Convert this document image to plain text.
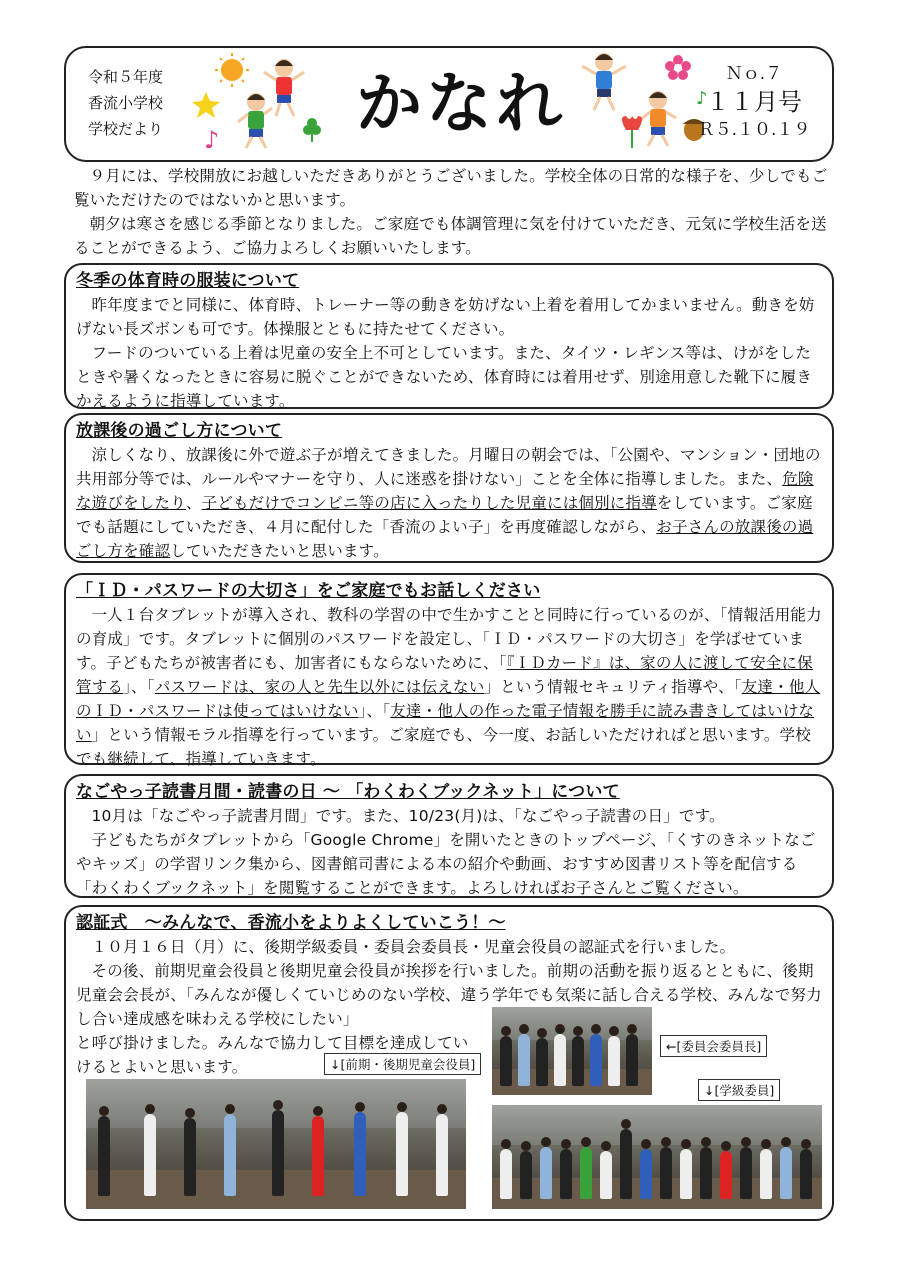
令和５年度
香流小学校
学校だより ♪ かなれ	♪
Ｎｏ.７
１１月号
Ｒ５.１０.１９

９月には、学校開放にお越しいただきありがとうございました。学校全体の日常的な様子を、少しでもご覧いただけたのではないかと思います。

朝夕は寒さを感じる季節となりました。ご家庭でも体調管理に気を付けていただき、元気に学校生活を送ることができるよう、ご協力よろしくお願いいたします。

冬季の体育時の服装について

昨年度までと同様に、体育時、トレーナー等の動きを妨げない上着を着用してかまいません。動きを妨げない長ズボンも可です。体操服とともに持たせてください。

フードのついている上着は児童の安全上不可としています。また、タイツ・レギンス等は、けがをしたときや暑くなったときに容易に脱ぐことができないため、体育時には着用せず、別途用意した靴下に履きかえるように指導しています。

放課後の過ごし方について

涼しくなり、放課後に外で遊ぶ子が増えてきました。月曜日の朝会では、「公園や、マンション・団地の共用部分等では、ルールやマナーを守り、人に迷惑を掛けない」ことを全体に指導しました。また、危険な遊びをしたり、子どもだけでコンビニ等の店に入ったりした児童には個別に指導をしています。ご家庭でも話題にしていただき、４月に配付した「香流のよい子」を再度確認しながら、お子さんの放課後の過ごし方を確認していただきたいと思います。

「ＩＤ・パスワードの大切さ」をご家庭でもお話しください

一人１台タブレットが導入され、教科の学習の中で生かすことと同時に行っているのが、「情報活用能力の育成」です。タブレットに個別のパスワードを設定し、「ＩＤ・パスワードの大切さ」を学ばせています。子どもたちが被害者にも、加害者にもならないために、「『ＩＤカード』は、家の人に渡して安全に保管する」、「パスワードは、家の人と先生以外には伝えない」という情報セキュリティ指導や、「友達・他人のＩＤ・パスワードは使ってはいけない」、「友達・他人の作った電子情報を勝手に読み書きしてはいけない」という情報モラル指導を行っています。ご家庭でも、今一度、お話しいただければと思います。学校でも継続して、指導していきます。

なごやっ子読書月間・読書の日 ～ 「わくわくブックネット」について

10月は「なごやっ子読書月間」です。また、10/23(月)は、「なごやっ子読書の日」です。

子どもたちがタブレットから「Google Chrome」を開いたときのトップページ、「くすのきネットなごやキッズ」の学習リンク集から、図書館司書による本の紹介や動画、おすすめ図書リスト等を配信する「わくわくブックネット」を閲覧することができます。よろしければお子さんとご覧ください。

認証式　～みんなで、香流小をよりよくしていこう！～

１０月１６日（月）に、後期学級委員・委員会委員長・児童会役員の認証式を行いました。

その後、前期児童会役員と後期児童会役員が挨拶を行いました。前期の活動を振り返るとともに、後期児童会会長が、「みんなが優しくていじめのない学校、違う学年でも気楽に話し合える学校、みんなで努力し合い達成感を味わえる学校にしたい」

と呼び掛けました。みんなで協力して目標を達成していけるとよいと思います。	↓[前期・後期児童会役員]
←[委員会委員長]
↓[学級委員]
